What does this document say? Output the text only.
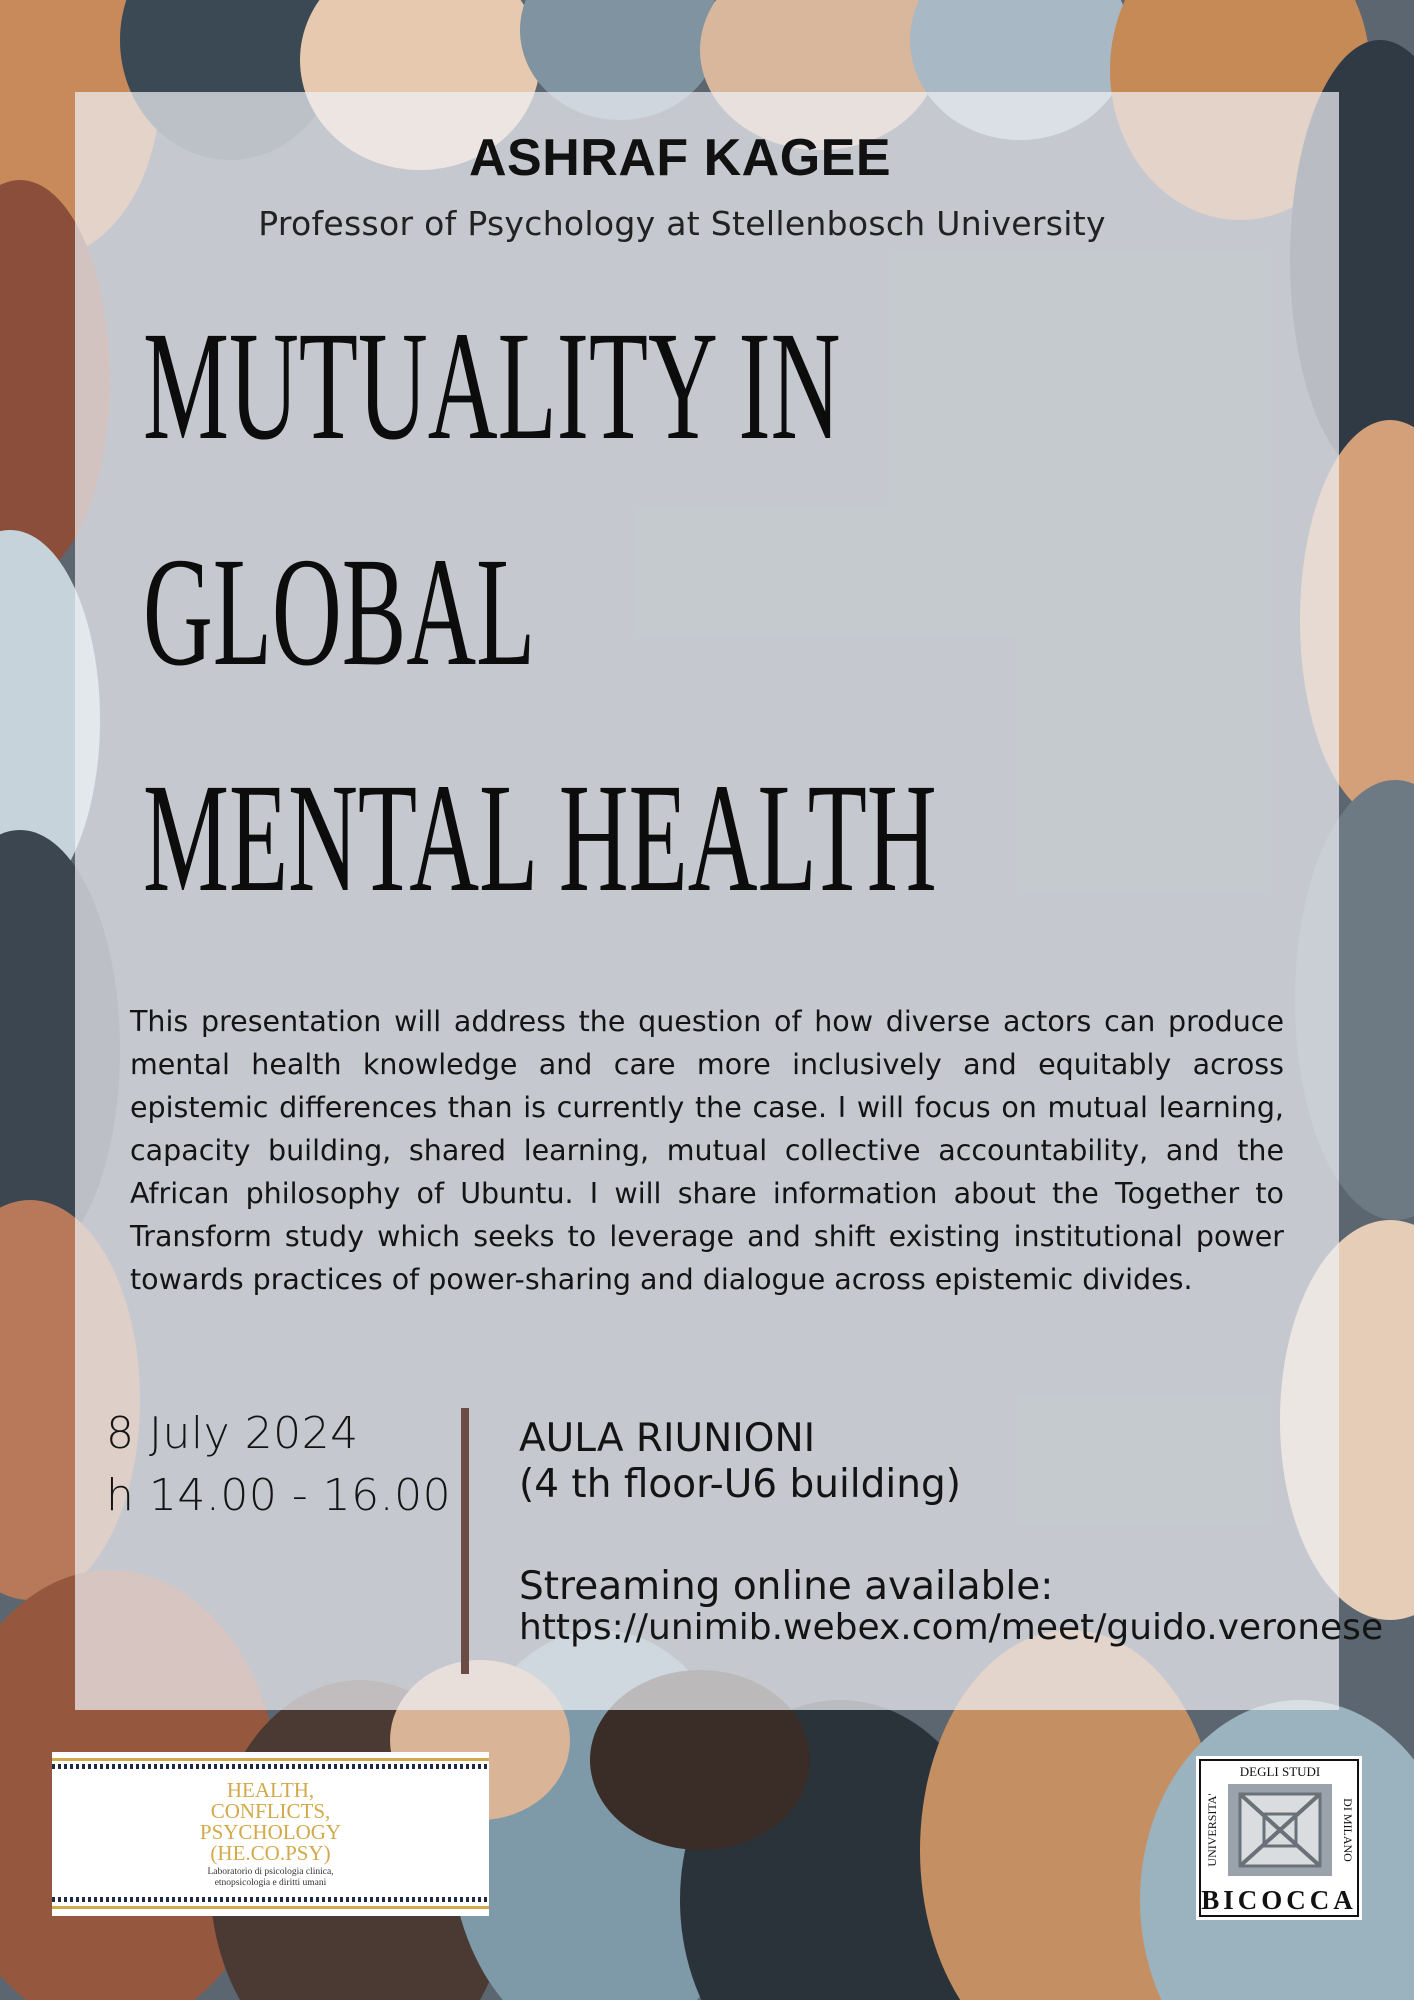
ASHRAF KAGEE
Professor of Psychology at Stellenbosch University
MUTUALITY IN
GLOBAL
MENTAL HEALTH
This presentation will address the question of how diverse actors can produce mental health knowledge and care more inclusively and equitably across epistemic differences than is currently the case. I will focus on mutual learning, capacity building, shared learning, mutual collective accountability, and the African philosophy of Ubuntu. I will share information about the Together to Transform study which seeks to leverage and shift existing institutional power towards practices of power-sharing and dialogue across epistemic divides.
8 July 2024
h 14.00 - 16.00
AULA RIUNIONI
(4 th floor-U6 building)
Streaming online available:
https://unimib.webex.com/meet/guido.veronese
HEALTH,
CONFLICTS,
PSYCHOLOGY
(HE.CO.PSY)
Laboratorio di psicologia clinica,
etnopsicologia e diritti umani
DEGLI STUDI
UNIVERSITA'	DI MILANO
BICOCCA
